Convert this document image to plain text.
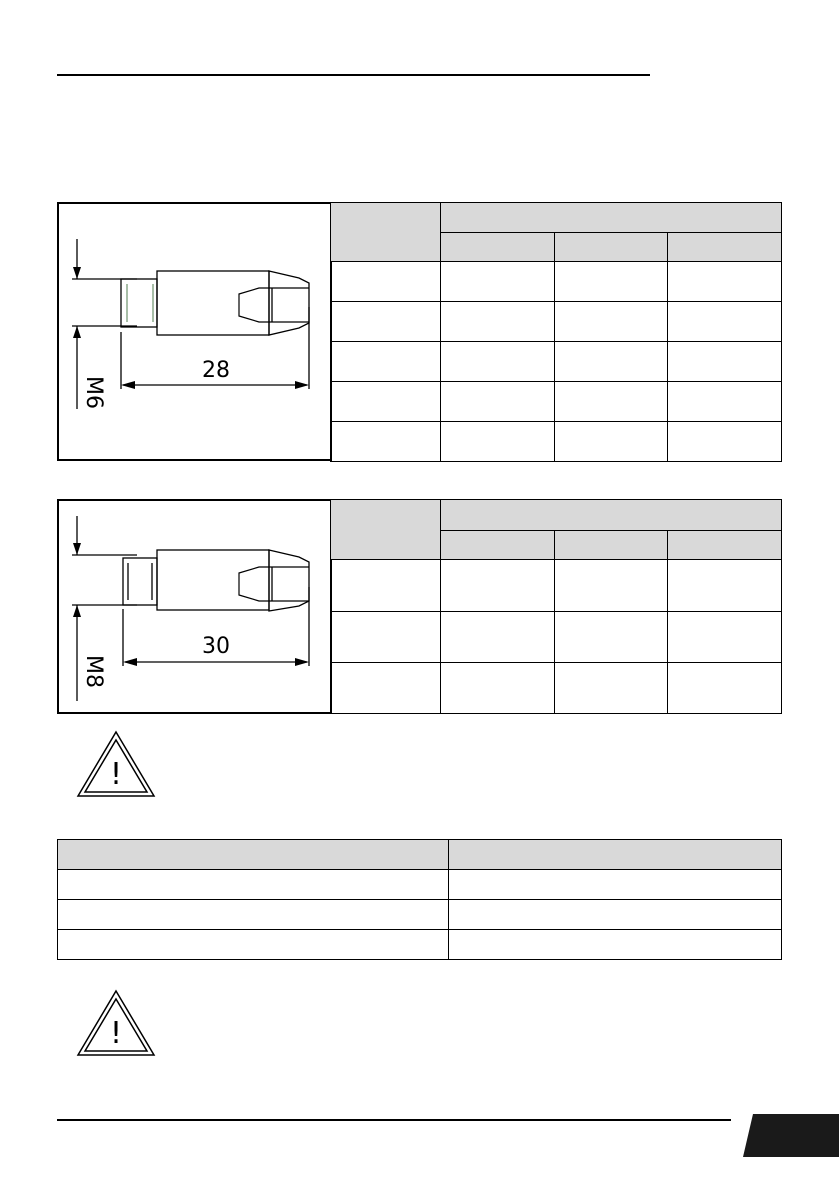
28
M6

30
M8

!

!
